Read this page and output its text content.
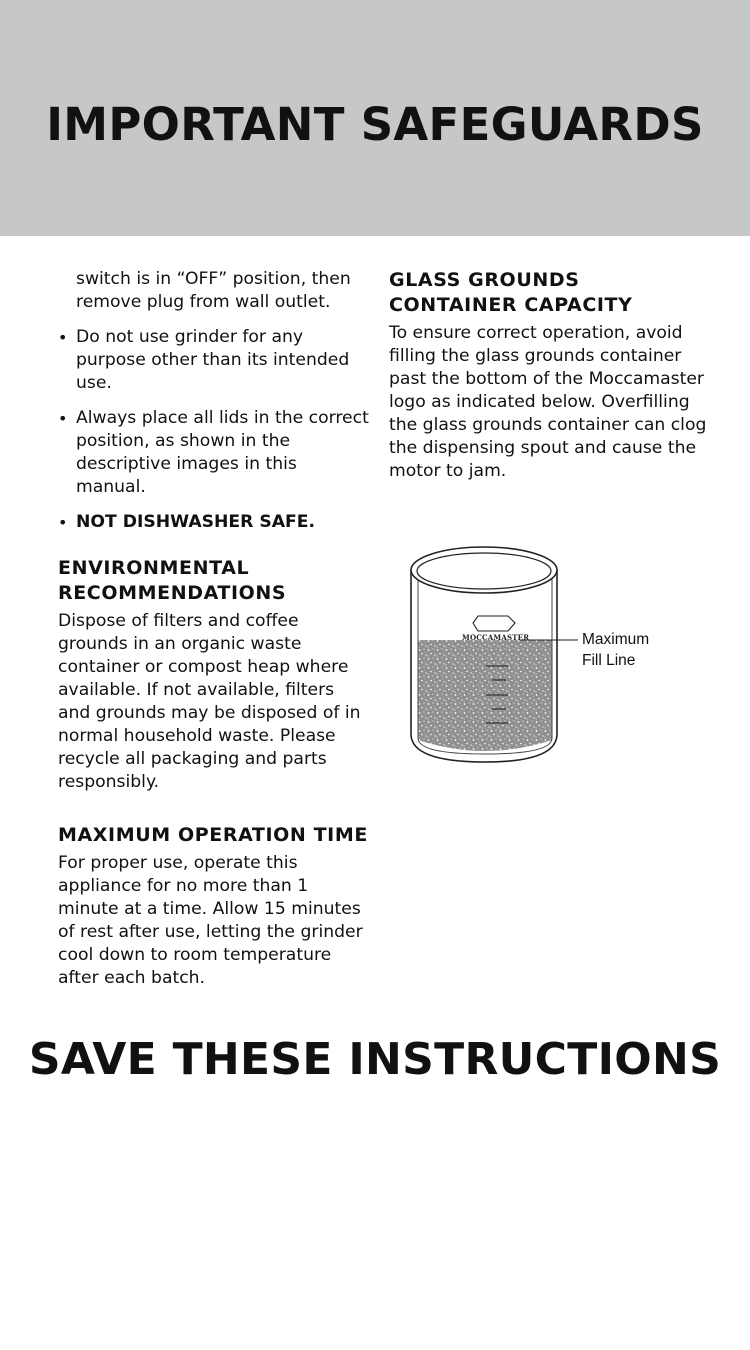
IMPORTANT SAFEGUARDS

switch is in “OFF” position, then remove plug from wall outlet.

• Do not use grinder for any purpose other than its intended use.
• Always place all lids in the correct position, as shown in the descriptive images in this manual.
• NOT DISHWASHER SAFE.
ENVIRONMENTAL
RECOMMENDATIONS

Dispose of filters and coffee grounds in an organic waste container or compost heap where available. If not available, filters and grounds may be disposed of in normal household waste. Please recycle all packaging and parts responsibly.

MAXIMUM OPERATION TIME

For proper use, operate this appliance for no more than 1 minute at a time. Allow 15 minutes of rest after use, letting the grinder cool down to room temperature after each batch.

GLASS GROUNDS
CONTAINER CAPACITY

To ensure correct operation, avoid filling the glass grounds container past the bottom of the Moccamaster logo as indicated below. Overfilling the glass grounds container can clog the dispensing spout and cause the motor to jam.

MOCCAMASTER	Maximum
Fill Line
SAVE THESE INSTRUCTIONS
